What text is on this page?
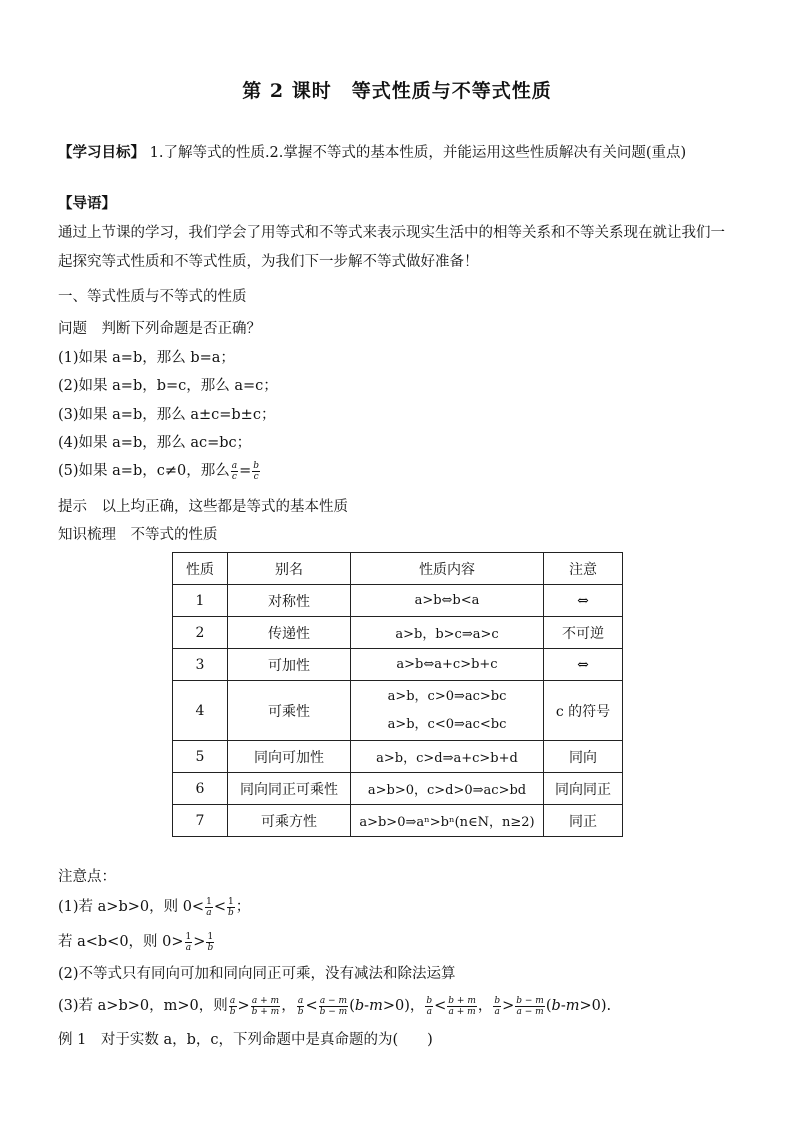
第 2 课时　等式性质与不等式性质
【学习目标】 1.了解等式的性质.2.掌握不等式的基本性质，并能运用这些性质解决有关问题(重点)
【导语】
通过上节课的学习，我们学会了用等式和不等式来表示现实生活中的相等关系和不等关系现在就让我们一
起探究等式性质和不等式性质，为我们下一步解不等式做好准备！
一、等式性质与不等式的性质
问题　判断下列命题是否正确？
(1)如果 a=b，那么 b=a；
(2)如果 a=b，b=c，那么 a=c；
(3)如果 a=b，那么 a±c=b±c；
(4)如果 a=b，那么 ac=bc；
(5)如果 a=b，c≠0，那么 $\frac{a}{c} = \frac{b}{c}$
提示　以上均正确，这些都是等式的基本性质
知识梳理　不等式的性质
性质	别名	性质内容	注意
1	对称性	a>b⇔b<a	⇔
2	传递性	a>b，b>c⇒a>c	不可逆
3	可加性	a>b⇔a+c>b+c	⇔
4	可乘性	a>b，c>0⇒ac>bc
a>b，c<0⇒ac<bc	c 的符号
5	同向可加性	a>b，c>d⇒a+c>b+d	同向
6	同向同正可乘性	a>b>0，c>d>0⇒ac>bd	同向同正
7	可乘方性	a>b>0⇒aⁿ>bⁿ(n∈N，n≥2)	同正
注意点：
(1)若 a>b>0，则 $0< \frac{1}{a} < \frac{1}{b}$ ；
若 a<b<0，则 $0> \frac{1}{a} > \frac{1}{b}$
(2)不等式只有同向可加和同向同正可乘，没有减法和除法运算
(3)若 a>b>0，m>0，则 $\frac{a}{b} > \frac{a + m}{b + m}$ ， $\frac{a}{b} < \frac{a - m}{b - m} (b-m>0)$， $\frac{b}{a} < \frac{b + m}{a + m}$ ， $\frac{b}{a} > \frac{b - m}{a - m} (b-m>0)$.
例 1　对于实数 a，b，c，下列命题中是真命题的为(　　)
